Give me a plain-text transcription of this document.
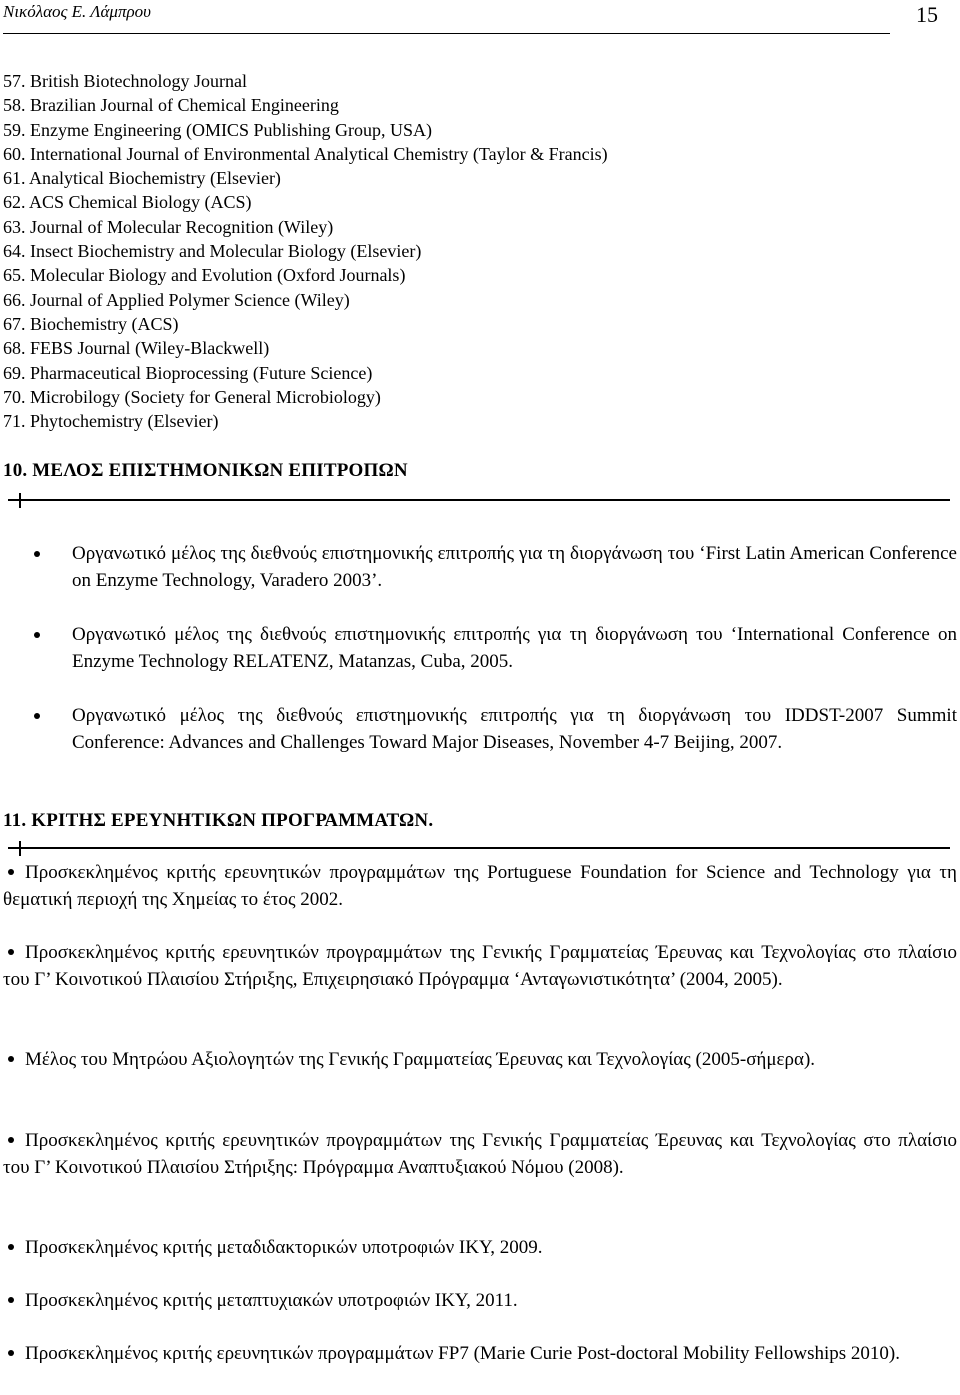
Νικόλαος Ε. Λάμπρου	15
57. British Biotechnology Journal
58. Brazilian Journal of Chemical Engineering
59. Enzyme Engineering (OMICS Publishing Group, USA)
60. International Journal of Environmental Analytical Chemistry (Taylor & Francis)
61. Analytical Biochemistry (Elsevier)
62. ACS Chemical Biology (ACS)
63. Journal of Molecular Recognition (Wiley)
64. Insect Biochemistry and Molecular Biology (Elsevier)
65. Molecular Biology and Evolution (Oxford Journals)
66. Journal of Applied Polymer Science (Wiley)
67. Biochemistry (ACS)
68. FEBS Journal (Wiley-Blackwell)
69. Pharmaceutical Bioprocessing (Future Science)
70. Microbilogy (Society for General Microbiology)
71. Phytochemistry (Elsevier)
10. ΜΕΛΟΣ ΕΠΙΣΤΗΜΟΝΙΚΩΝ ΕΠΙΤΡΟΠΩΝ
Οργανωτικό μέλος της διεθνούς επιστημονικής επιτροπής για τη διοργάνωση του ‘First Latin American Conference on Enzyme Technology, Varadero 2003’.
Οργανωτικό μέλος της διεθνούς επιστημονικής επιτροπής για τη διοργάνωση του ‘International Conference on Enzyme Technology RELATENZ, Matanzas, Cuba, 2005.
Οργανωτικό μέλος της διεθνούς επιστημονικής επιτροπής για τη διοργάνωση του IDDST-2007 Summit Conference: Advances and Challenges Toward Major Diseases, November 4-7 Beijing, 2007.
11. ΚΡΙΤΗΣ ΕΡΕΥΝΗΤΙΚΩΝ ΠΡΟΓΡΑΜΜΑΤΩΝ.
Προσκεκλημένος κριτής ερευνητικών προγραμμάτων της Portuguese Foundation for Science and Technology για τη θεματική περιοχή της Χημείας το έτος 2002.
Προσκεκλημένος κριτής ερευνητικών προγραμμάτων της Γενικής Γραμματείας Έρευνας και Τεχνολογίας στο πλαίσιο του Γ’ Κοινοτικού Πλαισίου Στήριξης, Επιχειρησιακό Πρόγραμμα ‘Ανταγωνιστικότητα’ (2004, 2005).
Μέλος του Μητρώου Αξιολογητών της Γενικής Γραμματείας Έρευνας και Τεχνολογίας (2005-σήμερα).
Προσκεκλημένος κριτής ερευνητικών προγραμμάτων της Γενικής Γραμματείας Έρευνας και Τεχνολογίας στο πλαίσιο του Γ’ Κοινοτικού Πλαισίου Στήριξης: Πρόγραμμα Αναπτυξιακού Νόμου (2008).
Προσκεκλημένος κριτής μεταδιδακτορικών υποτροφιών ΙΚΥ, 2009.
Προσκεκλημένος κριτής μεταπτυχιακών υποτροφιών ΙΚΥ, 2011.
Προσκεκλημένος κριτής ερευνητικών προγραμμάτων FP7 (Marie Curie Post-doctoral Mobility Fellowships 2010).
